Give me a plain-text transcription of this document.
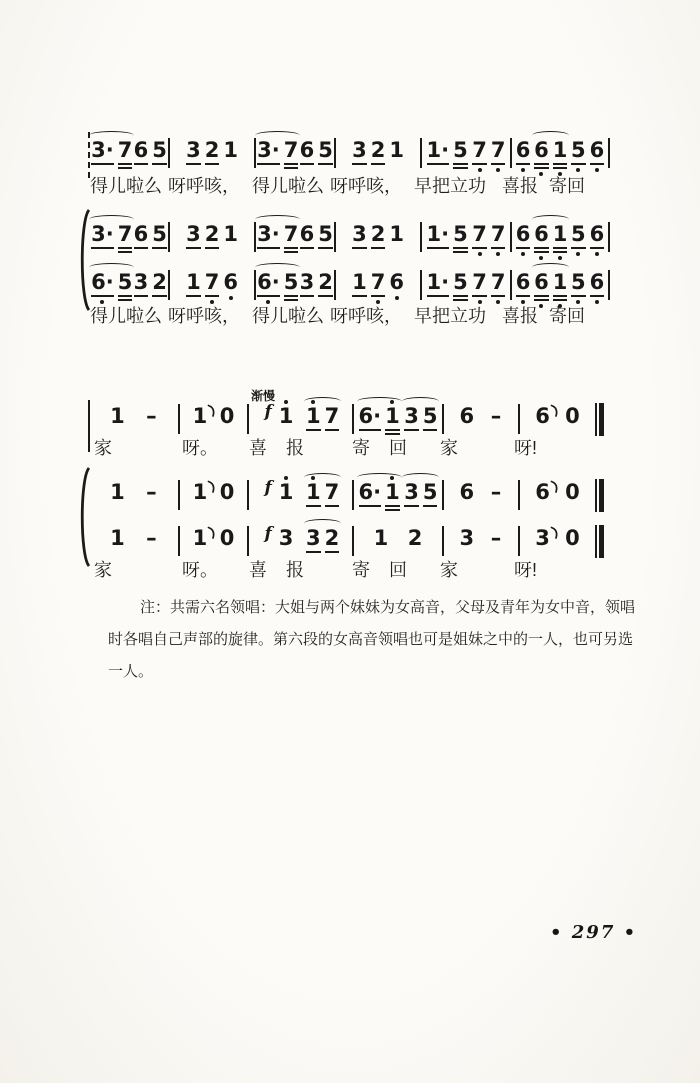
3· 7 6 5 3 2 1 3· 7 6 5 3 2 1 1· 5 7 7 6 6 1 5 6
得儿啦么 呀呼咳， 得儿啦么 呀呼咳， 早把立功 喜报 寄回
3· 7 6 5 3 2 1 3· 7 6 5 3 2 1 1· 5 7 7 6 6 1 5 6
6· 5 3 2 1 7 6 6· 5 3 2 1 7 6 1· 5 7 7 6 6 1 5 6
得儿啦么 呀呼咳， 得儿啦么 呀呼咳， 早把立功 喜报 寄回
1 – 1 0
渐慢
f 1 1 7 6· 1 3 5 6 – 6 0
家	呀。	喜 报	寄 回	家	呀!
1 – 1 0 f 1 1 7 6· 1 3 5 6 – 6 0
1 – 1 0 f 3 3 2 1 2 3 – 3 0
家	呀。	喜 报	寄 回	家	呀!
注：共需六名领唱：大姐与两个妹妹为女高音，父母及青年为女中音，领唱
时各唱自己声部的旋律。第六段的女高音领唱也可是姐妹之中的一人，也可另选
一人。
• 297 •
